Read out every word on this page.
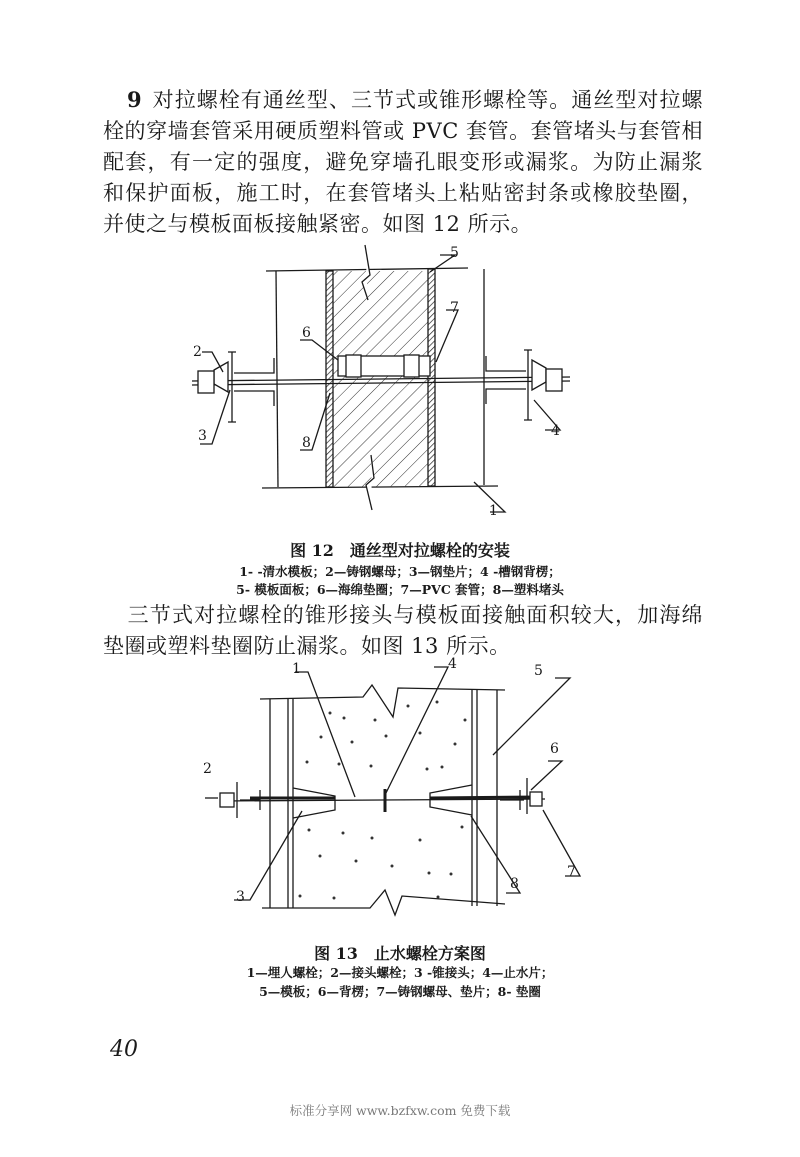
9 对拉螺栓有通丝型、三节式或锥形螺栓等。通丝型对拉螺栓的穿墙套管采用硬质塑料管或 PVC 套管。套管堵头与套管相配套，有一定的强度，避免穿墙孔眼变形或漏浆。为防止漏浆和保护面板，施工时，在套管堵头上粘贴密封条或橡胶垫圈，并使之与模板面板接触紧密。如图 12 所示。
1
2
3	4
5
6
7
8
图 12　通丝型对拉螺栓的安装
1- -清水模板；2—铸钢螺母；3—钢垫片；4 -槽钢背楞；
5- 模板面板；6—海绵垫圈；7—PVC 套管；8—塑料堵头
三节式对拉螺栓的锥形接头与模板面接触面积较大，加海绵垫圈或塑料垫圈防止漏浆。如图 13 所示。
1
2
3
4	5
6
7
8
图 13　止水螺栓方案图
1—埋人螺栓；2—接头螺栓；3 -锥接头；4—止水片；
5—模板；6—背楞；7—铸钢螺母、垫片；8- 垫圈
40
标准分享网 www.bzfxw.com 免费下载
